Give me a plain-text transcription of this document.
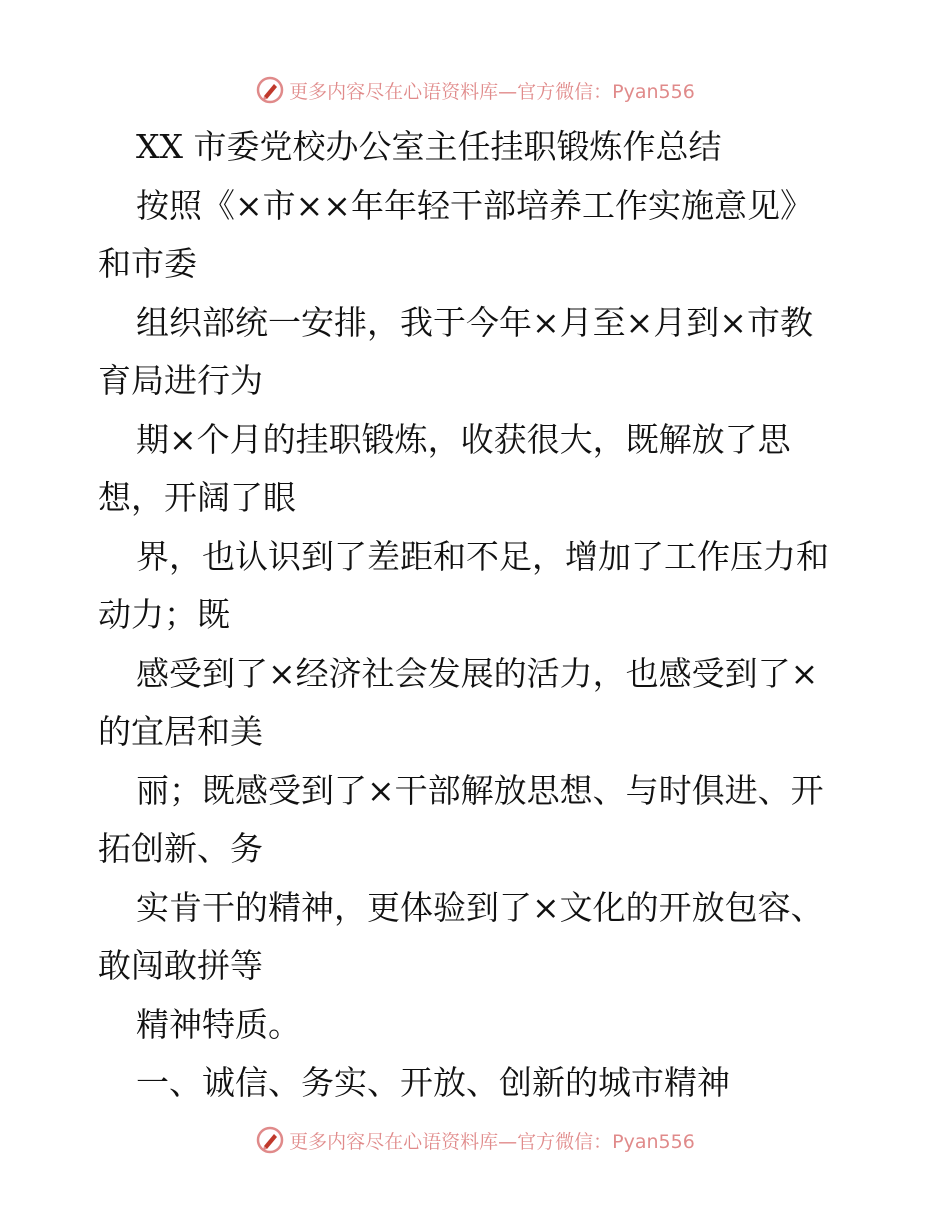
更多内容尽在心语资料库—官方微信：Pyan556
XX 市委党校办公室主任挂职锻炼作总结
按照《×市××年年轻干部培养工作实施意见》
和市委
组织部统一安排，我于今年×月至×月到×市教
育局进行为
期×个月的挂职锻炼，收获很大，既解放了思
想，开阔了眼
界，也认识到了差距和不足，增加了工作压力和
动力；既
感受到了×经济社会发展的活力，也感受到了×
的宜居和美
丽；既感受到了×干部解放思想、与时俱进、开
拓创新、务
实肯干的精神，更体验到了×文化的开放包容、
敢闯敢拼等
精神特质。
一、诚信、务实、开放、创新的城市精神
更多内容尽在心语资料库—官方微信：Pyan556
